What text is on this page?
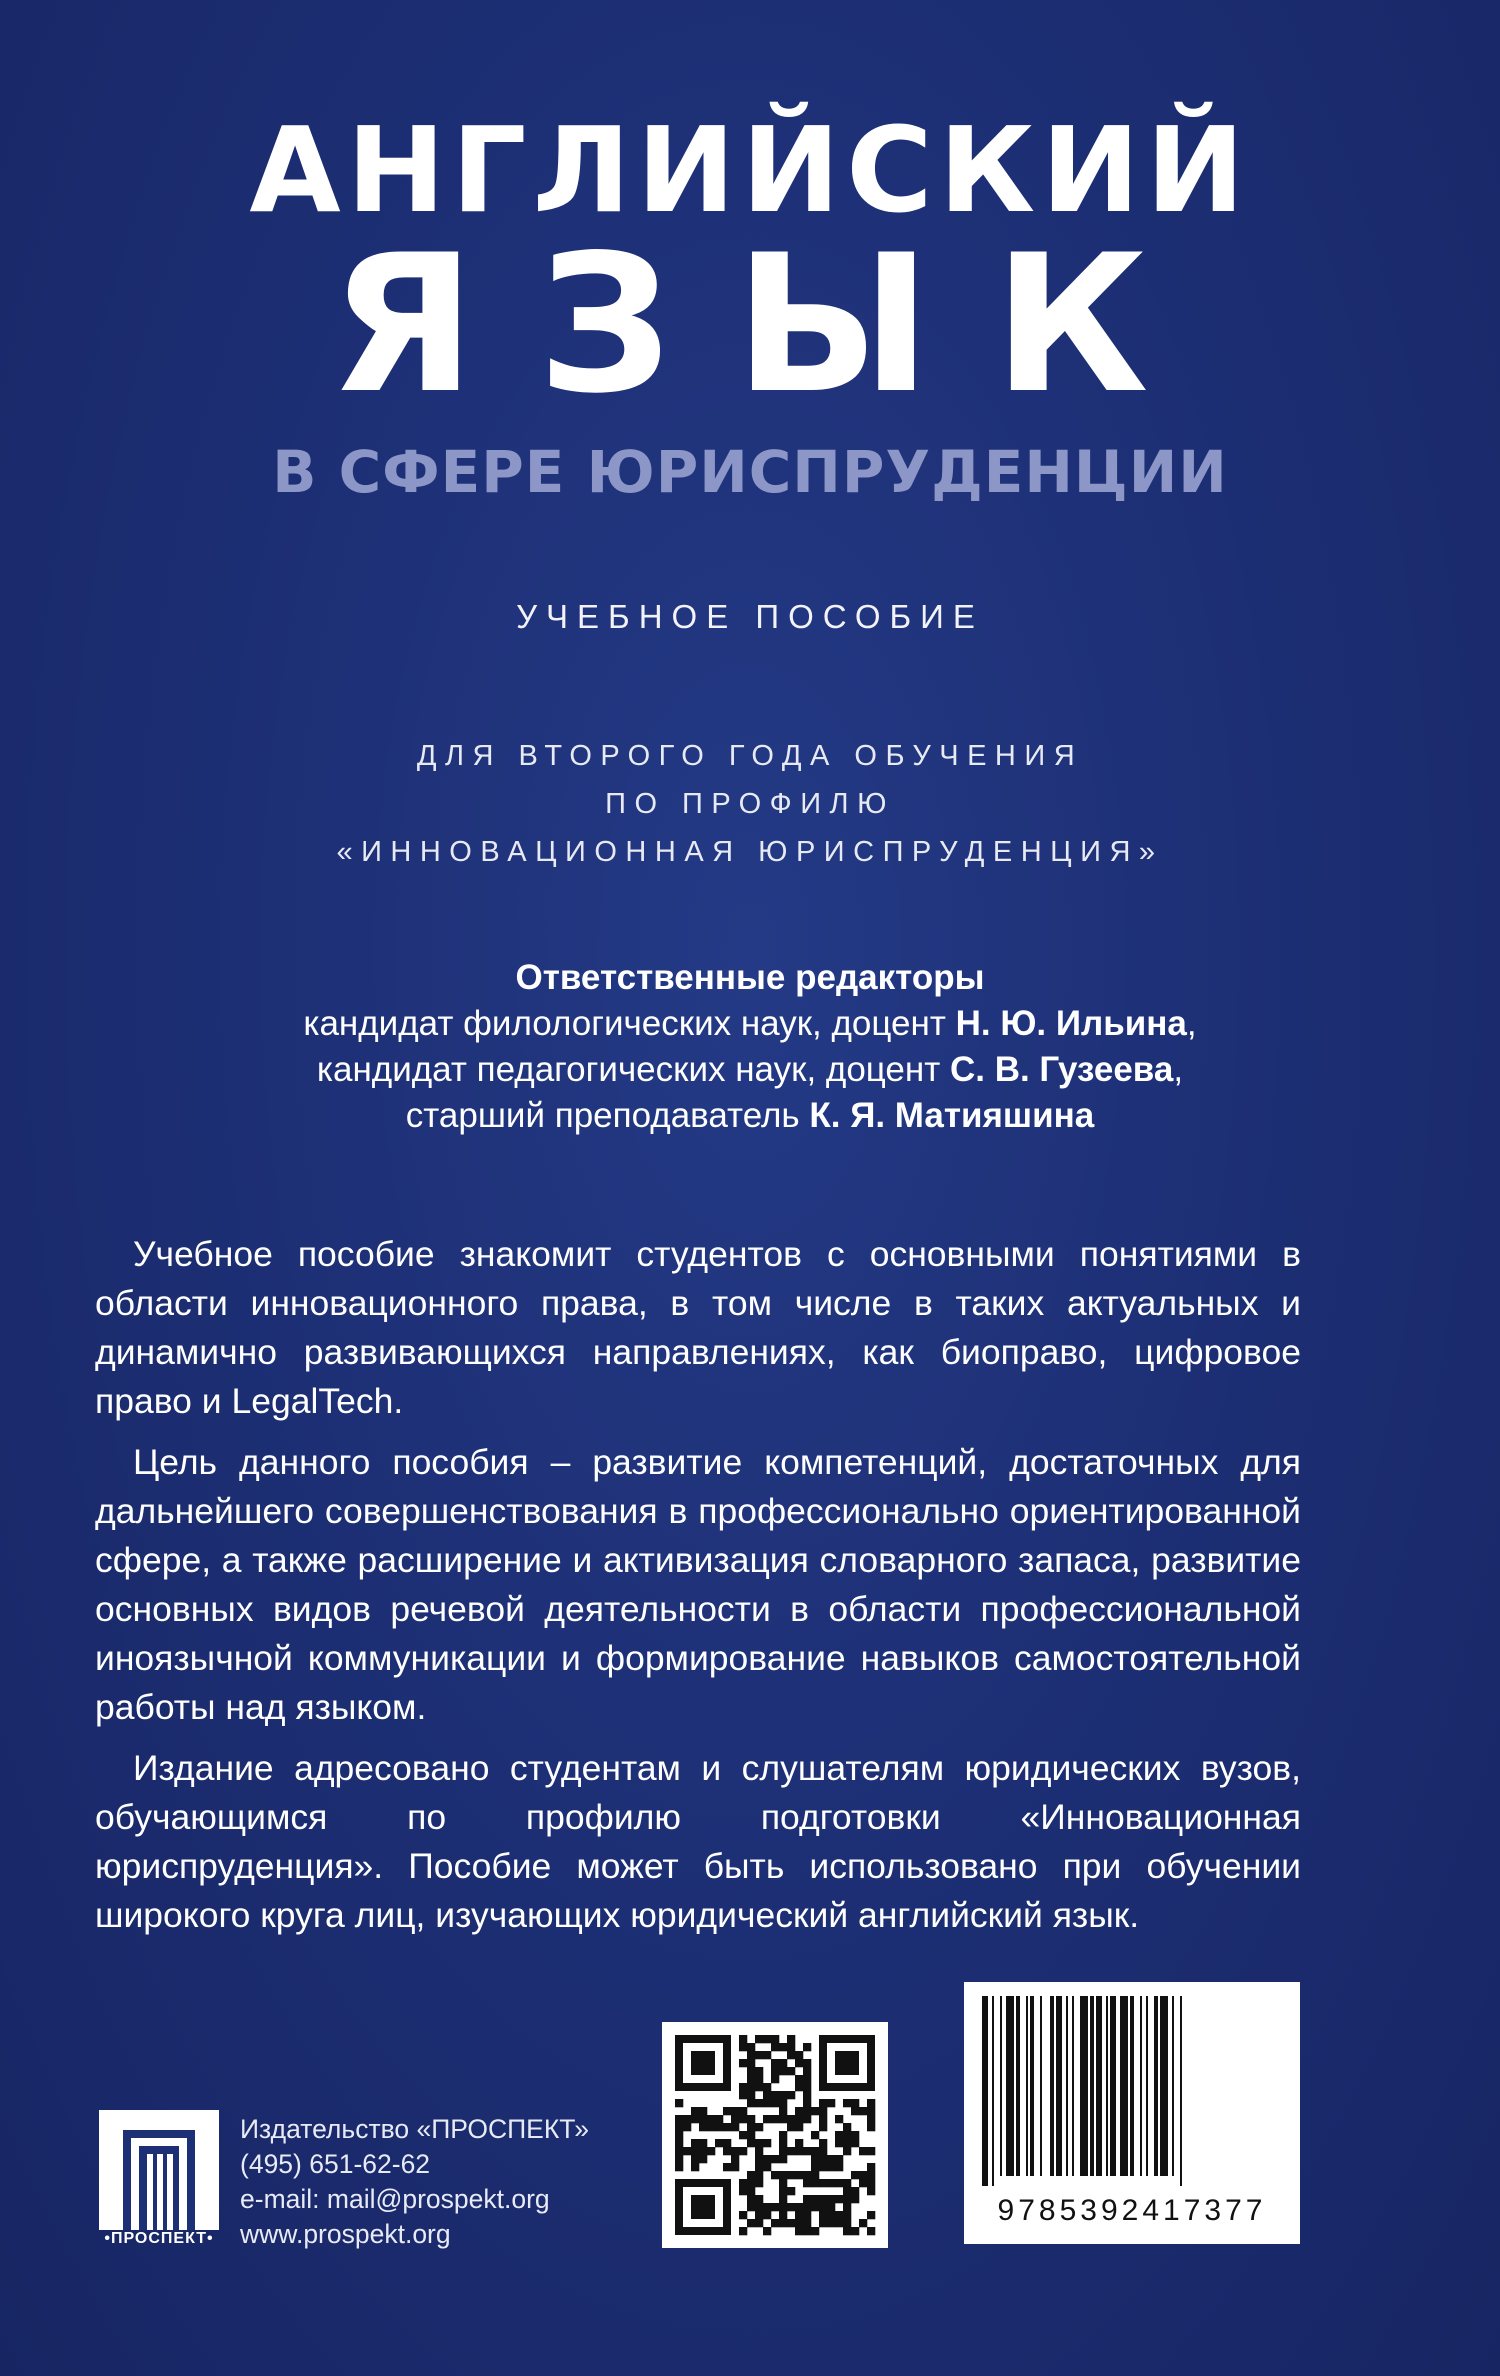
АНГЛИЙСКИЙ
ЯЗЫК
В СФЕРЕ ЮРИСПРУДЕНЦИИ
УЧЕБНОЕ ПОСОБИЕ
ДЛЯ ВТОРОГО ГОДА ОБУЧЕНИЯ
ПО ПРОФИЛЮ
«ИННОВАЦИОННАЯ ЮРИСПРУДЕНЦИЯ»
Ответственные редакторы
кандидат филологических наук, доцент Н. Ю. Ильина,
кандидат педагогических наук, доцент С. В. Гузеева,
старший преподаватель К. Я. Матияшина

Учебное пособие знакомит студентов с основными понятиями в области инновационного права, в том числе в таких актуальных и динамично развивающихся направлениях, как биоправо, цифровое право и LegalTech.

Цель данного пособия – развитие компетенций, достаточных для дальнейшего совершенствования в профессионально ориентированной сфере, а также расширение и активизация словарного запаса, развитие основных видов речевой деятельности в области профессиональной иноязычной коммуникации и формирование навыков самостоятельной работы над языком.

Издание адресовано студентам и слушателям юридических вузов, обучающимся по профилю подготовки «Инновационная юриспруденция». Пособие может быть использовано при обучении широкого круга лиц, изучающих юридический английский язык.

•ПРОСПЕКТ•
Издательство «ПРОСПЕКТ»
(495) 651-62-62
e-mail: mail@prospekt.org
www.prospekt.org
9785392417377
